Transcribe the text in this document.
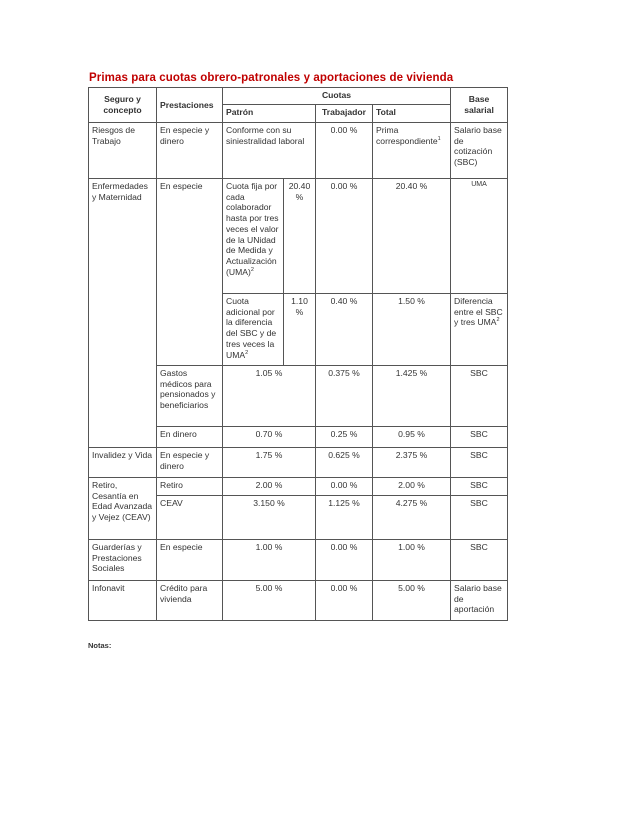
Primas para cuotas obrero-patronales y aportaciones de vivienda
Seguro y concepto	Prestaciones	Cuotas				Base salarial
		Patrón		Trabajador	Total	
Riesgos de Trabajo	En especie y dinero	Conforme con su siniestralidad laboral		0.00 %	Prima correspondiente$^1$	Salario base de cotización (SBC)
Enfermedades y Maternidad	En especie	Cuota fija por cada colaborador hasta por tres veces el valor de la UNidad de Medida y Actualización (UMA)$^2$	20.40 %	0.00 %	20.40 %	UMA
		Cuota adicional por la diferencia del SBC y de tres veces la UMA$^2$	1.10 %	0.40 %	1.50 %	Diferencia entre el SBC y tres UMA$^2$
	Gastos médicos para pensionados y beneficiarios	1.05 %		0.375 %	1.425 %	SBC
	En dinero	0.70 %		0.25 %	0.95 %	SBC
Invalidez y Vida	En especie y dinero	1.75 %		0.625 %	2.375 %	SBC
Retiro, Cesantía en Edad Avanzada y Vejez (CEAV)	Retiro	2.00 %		0.00 %	2.00 %	SBC
	CEAV	3.150 %		1.125 %	4.275 %	SBC
Guarderías y Prestaciones Sociales	En especie	1.00 %		0.00 %	1.00 %	SBC
Infonavit	Crédito para vivienda	5.00 %		0.00 %	5.00 %	Salario base de aportación
Notas:
